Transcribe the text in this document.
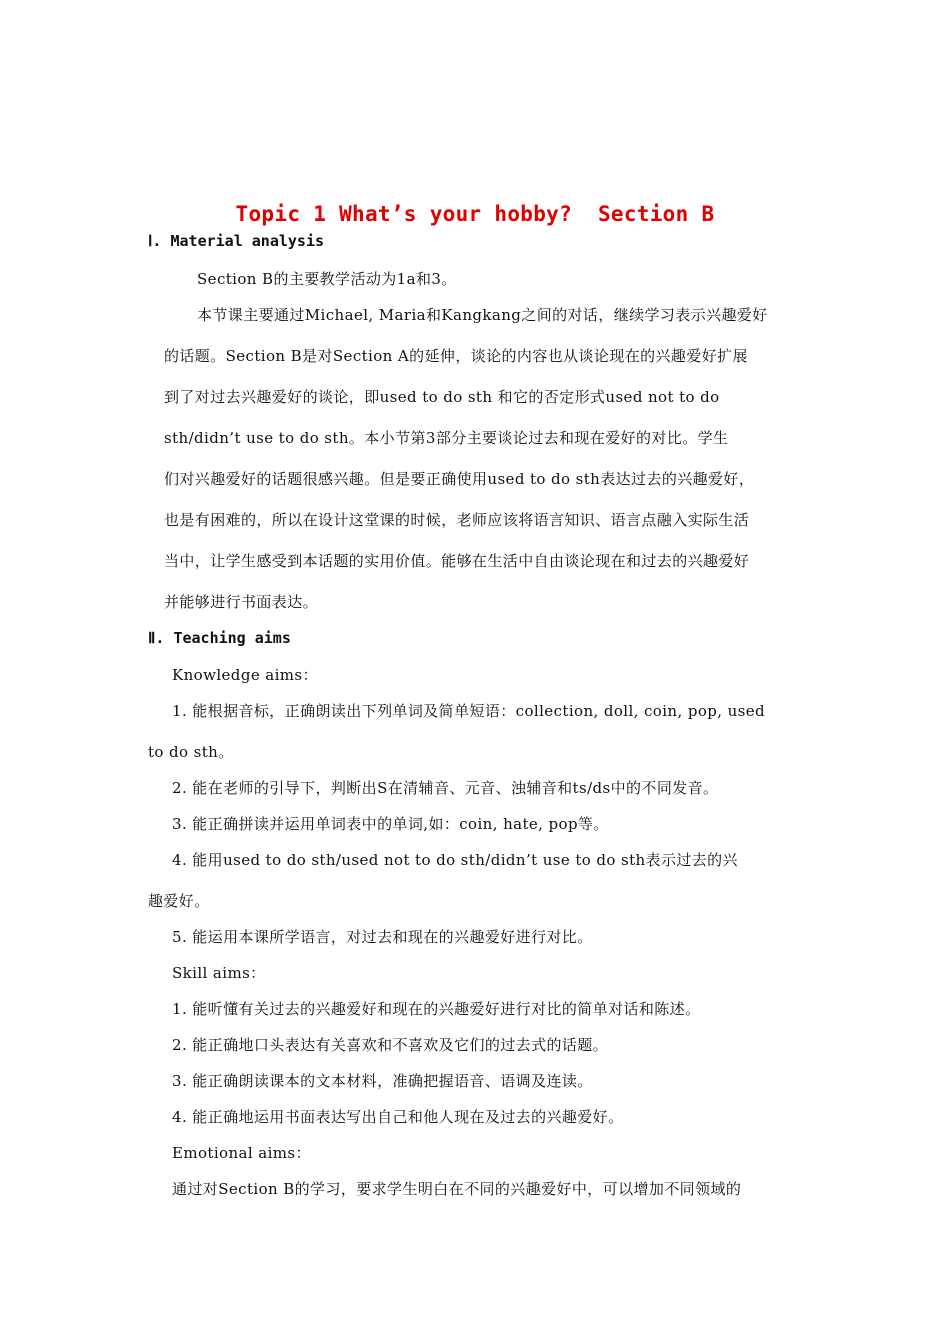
Topic 1 What’s your hobby?  Section B
Ⅰ. Material analysis
Section B的主要教学活动为1a和3。
本节课主要通过Michael, Maria和Kangkang之间的对话，继续学习表示兴趣爱好
的话题。Section B是对Section A的延伸，谈论的内容也从谈论现在的兴趣爱好扩展
到了对过去兴趣爱好的谈论，即used to do sth 和它的否定形式used not to do
sth/didn’t use to do sth。本小节第3部分主要谈论过去和现在爱好的对比。学生
们对兴趣爱好的话题很感兴趣。但是要正确使用used to do sth表达过去的兴趣爱好，
也是有困难的，所以在设计这堂课的时候，老师应该将语言知识、语言点融入实际生活
当中，让学生感受到本话题的实用价值。能够在生活中自由谈论现在和过去的兴趣爱好
并能够进行书面表达。
Ⅱ. Teaching aims
Knowledge aims：
1. 能根据音标，正确朗读出下列单词及简单短语：collection, doll, coin, pop, used
to do sth。
2. 能在老师的引导下，判断出S在清辅音、元音、浊辅音和ts/ds中的不同发音。
3. 能正确拼读并运用单词表中的单词,如：coin, hate, pop等。
4. 能用used to do sth/used not to do sth/didn’t use to do sth表示过去的兴
趣爱好。
5. 能运用本课所学语言，对过去和现在的兴趣爱好进行对比。
Skill aims：
1. 能听懂有关过去的兴趣爱好和现在的兴趣爱好进行对比的简单对话和陈述。
2. 能正确地口头表达有关喜欢和不喜欢及它们的过去式的话题。
3. 能正确朗读课本的文本材料，准确把握语音、语调及连读。
4. 能正确地运用书面表达写出自己和他人现在及过去的兴趣爱好。
Emotional aims：
通过对Section B的学习，要求学生明白在不同的兴趣爱好中，可以增加不同领域的
